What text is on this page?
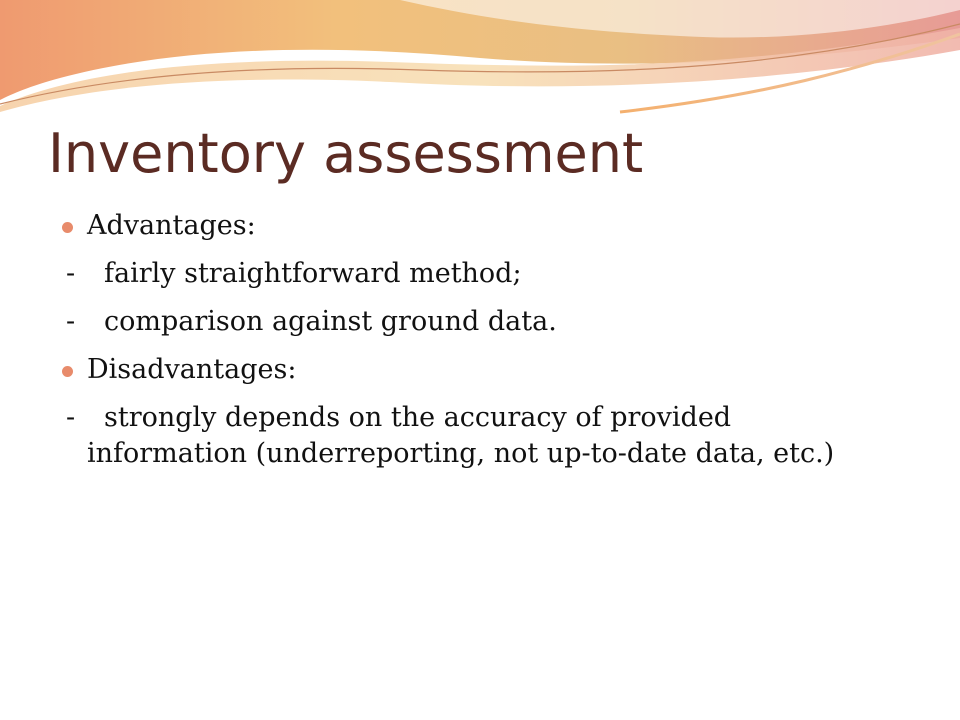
Inventory assessment
Advantages:
- fairly straightforward method;
- comparison against ground data.
Disadvantages:
- strongly depends on the accuracy of provided information (underreporting, not up-to-date data, etc.)
